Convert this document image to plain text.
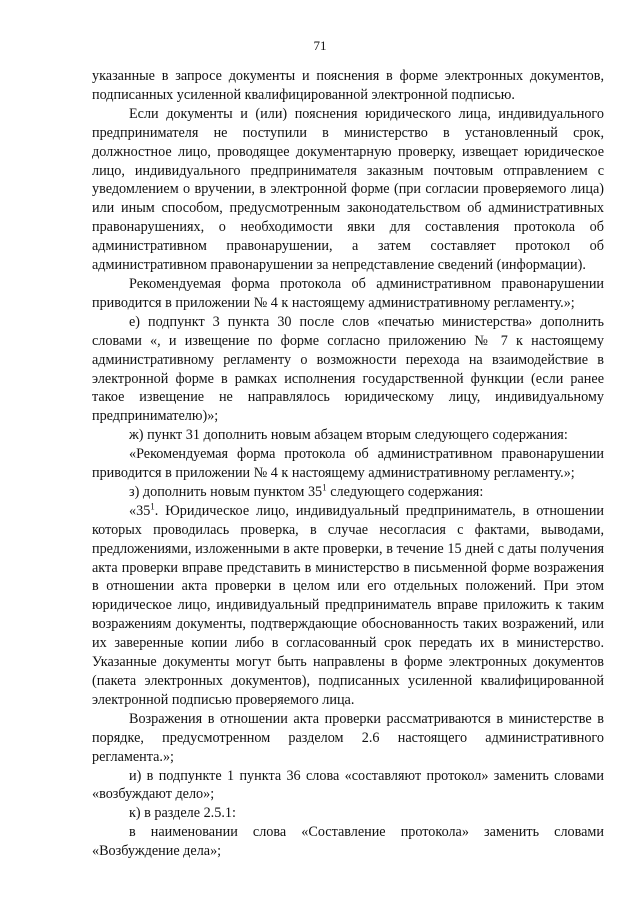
71

указанные в запросе документы и пояснения в форме электронных документов, подписанных усиленной квалифицированной электронной подписью.

Если документы и (или) пояснения юридического лица, индивидуального предпринимателя не поступили в министерство в установленный срок, должностное лицо, проводящее документарную проверку, извещает юридическое лицо, индивидуального предпринимателя заказным почтовым отправлением с уведомлением о вручении, в электронной форме (при согласии проверяемого лица) или иным способом, предусмотренным законодательством об административных правонарушениях, о необходимости явки для составления протокола об административном правонарушении, а затем составляет протокол об административном правонарушении за непредставление сведений (информации).

Рекомендуемая форма протокола об административном правонарушении приводится в приложении № 4 к настоящему административному регламенту.»;

е) подпункт 3 пункта 30 после слов «печатью министерства» дополнить словами «, и извещение по форме согласно приложению № 7 к настоящему административному регламенту о возможности перехода на взаимодействие в электронной форме в рамках исполнения государственной функции (если ранее такое извещение не направлялось юридическому лицу, индивидуальному предпринимателю)»;

ж) пункт 31 дополнить новым абзацем вторым следующего содержания:

«Рекомендуемая форма протокола об административном правонарушении приводится в приложении № 4 к настоящему административному регламенту.»;

з) дополнить новым пунктом $35^1$ следующего содержания:

«$35^1$. Юридическое лицо, индивидуальный предприниматель, в отношении которых проводилась проверка, в случае несогласия с фактами, выводами, предложениями, изложенными в акте проверки, в течение 15 дней с даты получения акта проверки вправе представить в министерство в письменной форме возражения в отношении акта проверки в целом или его отдельных положений. При этом юридическое лицо, индивидуальный предприниматель вправе приложить к таким возражениям документы, подтверждающие обоснованность таких возражений, или их заверенные копии либо в согласованный срок передать их в министерство. Указанные документы могут быть направлены в форме электронных документов (пакета электронных документов), подписанных усиленной квалифицированной электронной подписью проверяемого лица.

Возражения в отношении акта проверки рассматриваются в министерстве в порядке, предусмотренном разделом 2.6 настоящего административного регламента.»;

и) в подпункте 1 пункта 36 слова «составляют протокол» заменить словами «возбуждают дело»;

к) в разделе 2.5.1:

в наименовании слова «Составление протокола» заменить словами «Возбуждение дела»;
